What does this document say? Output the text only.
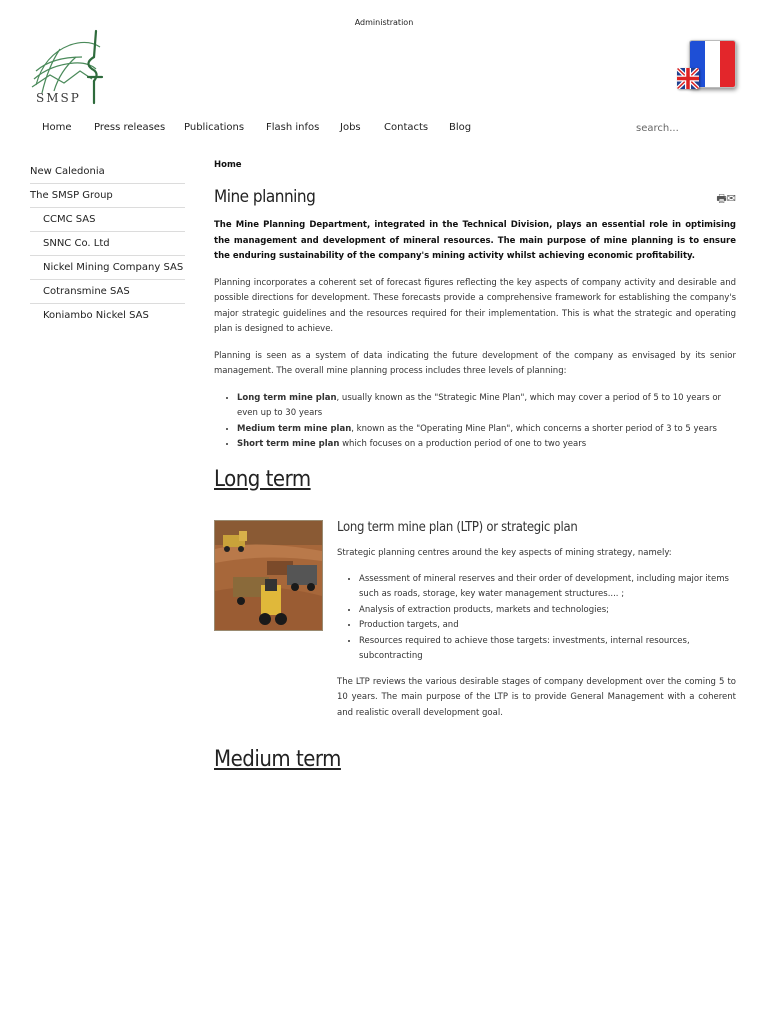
Administration
SMSP
Home Press releases Publications Flash infos Jobs Contacts Blog
search...
New Caledonia
The SMSP Group
CCMC SAS
SNNC Co. Ltd
Nickel Mining Company SAS
Cotransmine SAS
Koniambo Nickel SAS
Home
Mine planning	🖶✉

The Mine Planning Department, integrated in the Technical Division, plays an essential role in optimising the management and development of mineral resources. The main purpose of mine planning is to ensure the enduring sustainability of the company's mining activity whilst achieving economic profitability.

Planning incorporates a coherent set of forecast figures reflecting the key aspects of company activity and desirable and possible directions for development. These forecasts provide a comprehensive framework for establishing the company's major strategic guidelines and the resources required for their implementation. This is what the strategic and operating plan is designed to achieve.

Planning is seen as a system of data indicating the future development of the company as envisaged by its senior management. The overall mine planning process includes three levels of planning:

• Long term mine plan, usually known as the "Strategic Mine Plan", which may cover a period of 5 to 10 years or even up to 30 years
• Medium term mine plan, known as the "Operating Mine Plan", which concerns a shorter period of 3 to 5 years
• Short term mine plan which focuses on a production period of one to two years
Long term
Long term mine plan (LTP) or strategic plan

Strategic planning centres around the key aspects of mining strategy, namely:

• Assessment of mineral reserves and their order of development, including major items such as roads, storage, key water management structures.... ;
• Analysis of extraction products, markets and technologies;
• Production targets, and
• Resources required to achieve those targets: investments, internal resources, subcontracting

The LTP reviews the various desirable stages of company development over the coming 5 to 10 years. The main purpose of the LTP is to provide General Management with a coherent and realistic overall development goal.

Medium term
